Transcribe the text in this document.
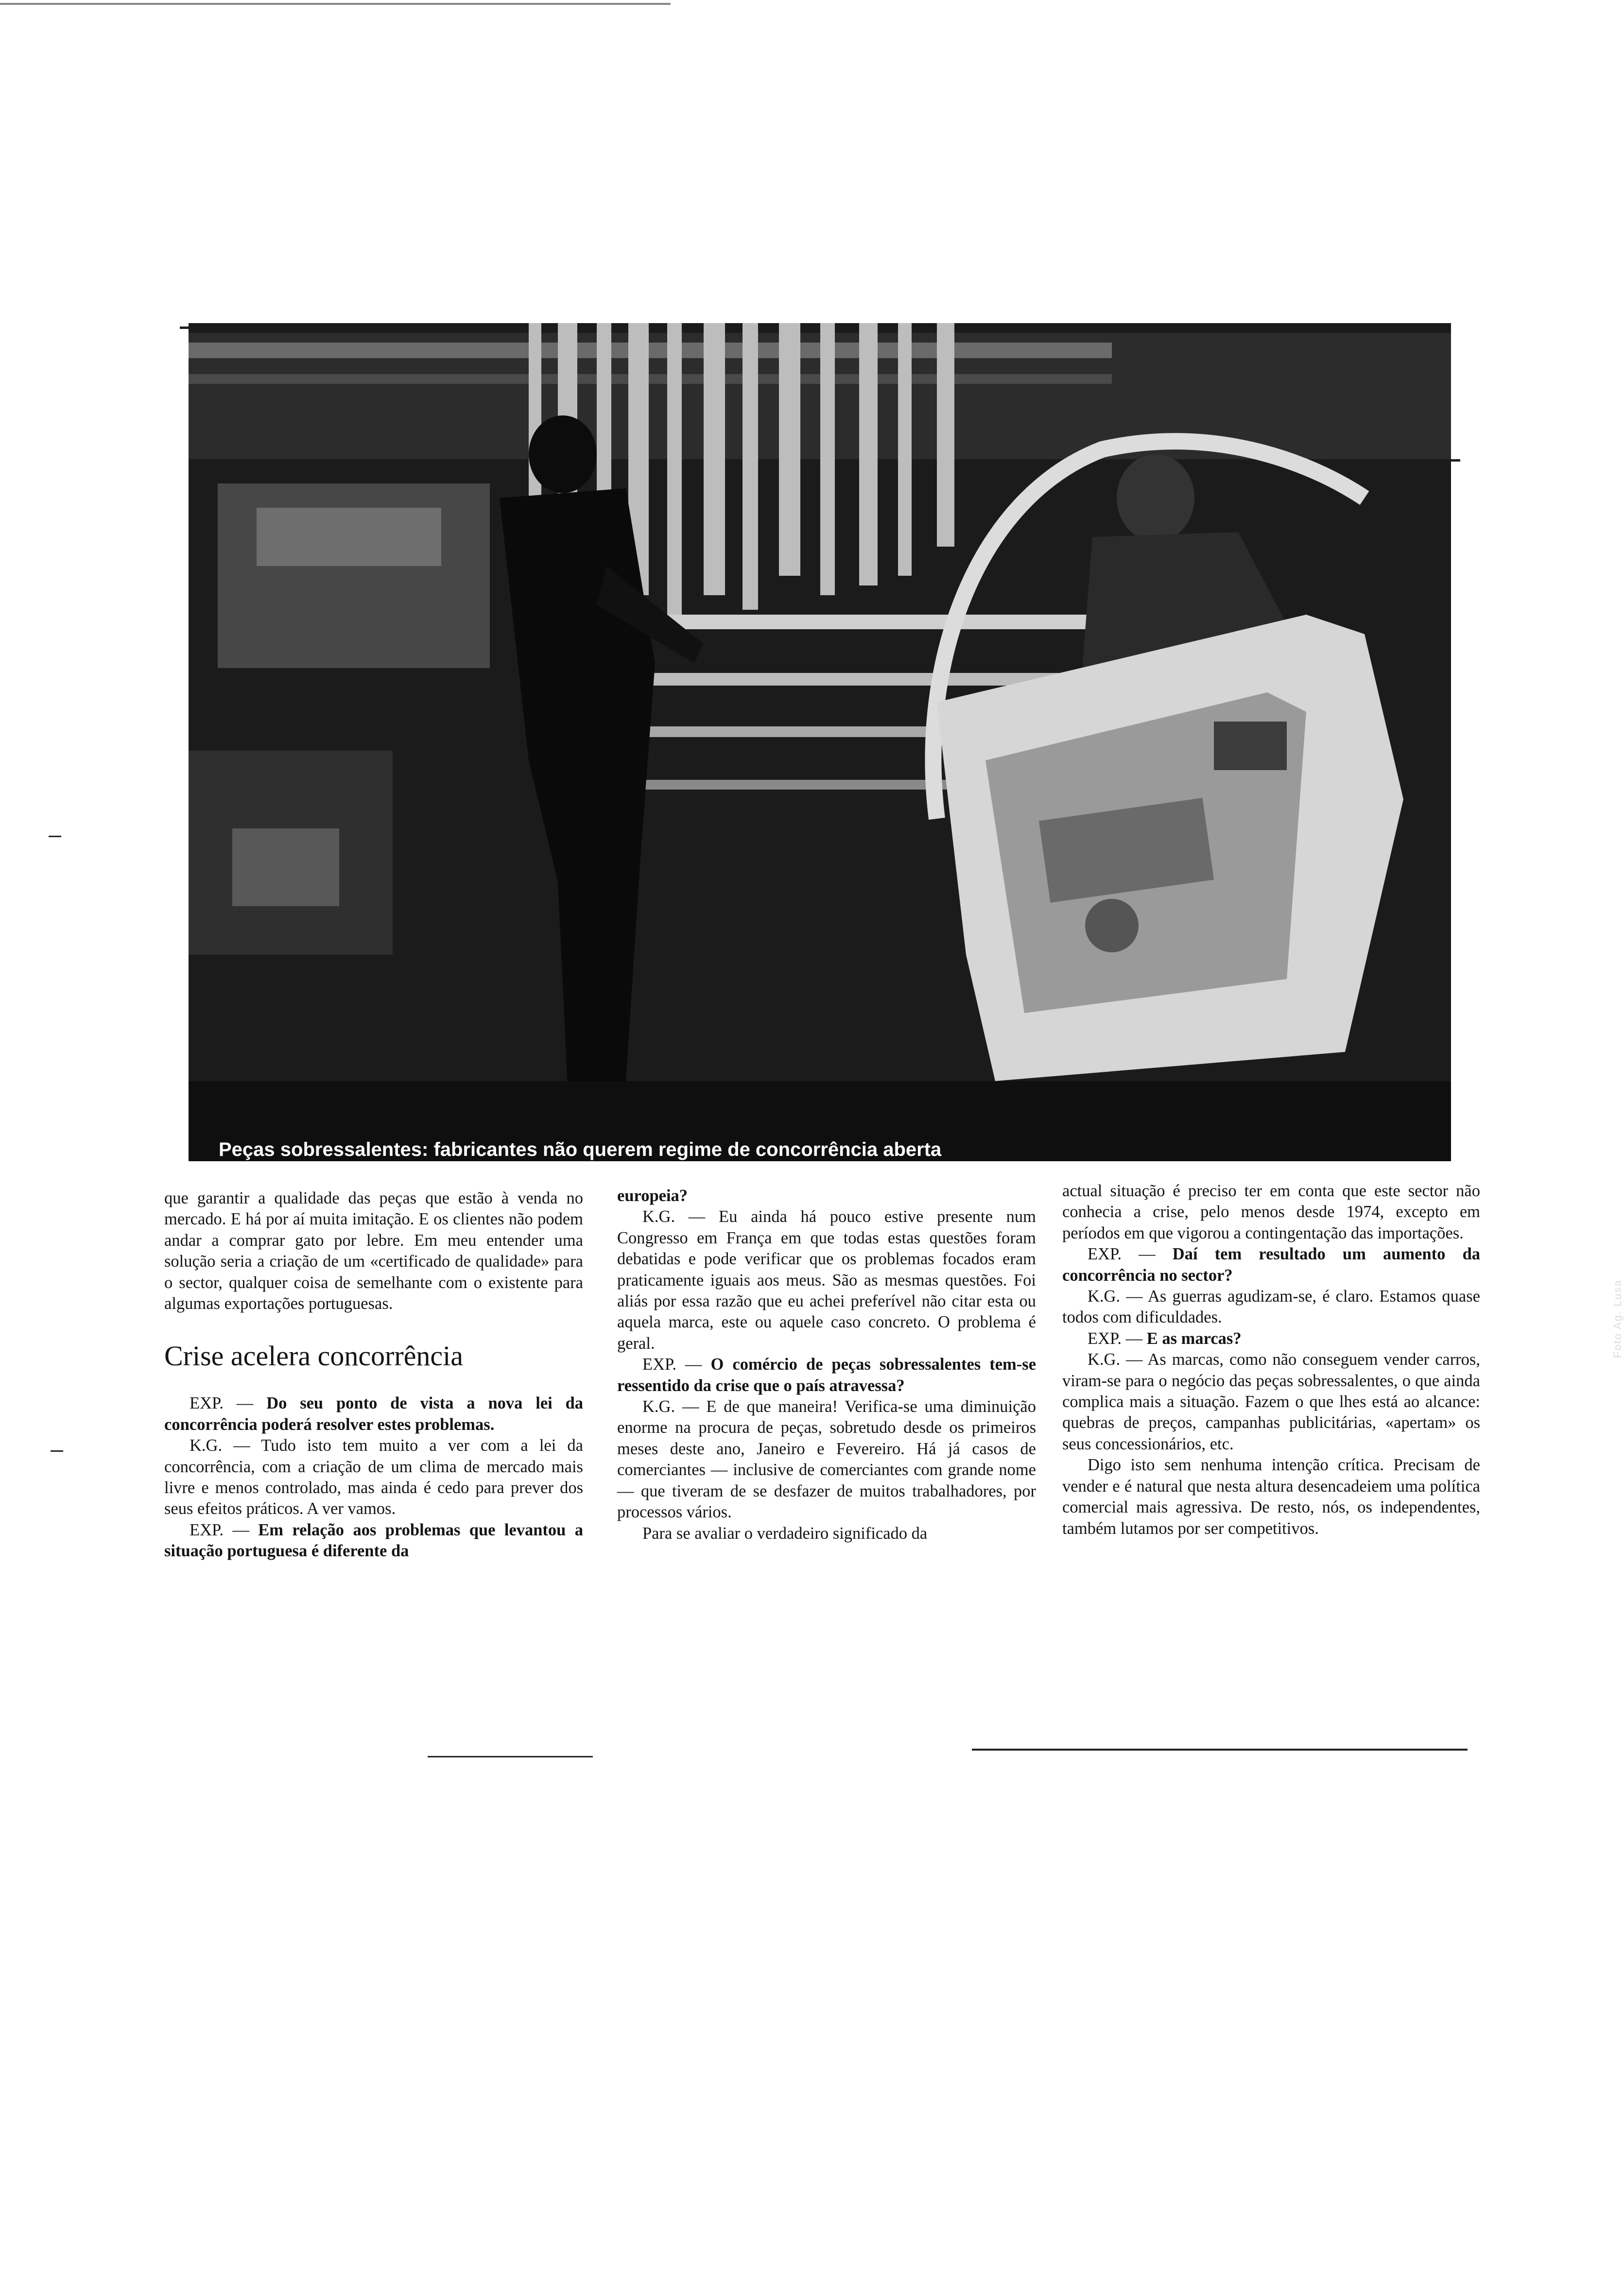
Foto Ag. Lusa
Peças sobressalentes: fabricantes não querem regime de concorrência aberta

que garantir a qualidade das peças que estão à venda no mercado. E há por aí muita imitação. E os clientes não podem andar a comprar gato por lebre. Em meu entender uma solução seria a criação de um «certificado de qualidade» para o sector, qualquer coisa de semelhante com o existente para algumas exportações portuguesas.

Crise acelera concorrência

EXP. — Do seu ponto de vista a nova lei da concorrência poderá resolver estes problemas.

K.G. — Tudo isto tem muito a ver com a lei da concorrência, com a criação de um clima de mercado mais livre e menos controlado, mas ainda é cedo para prever dos seus efeitos práticos. A ver vamos.

EXP. — Em relação aos problemas que levantou a situação portuguesa é diferente da

europeia?

K.G. — Eu ainda há pouco estive presente num Congresso em França em que todas estas questões foram debatidas e pode verificar que os problemas focados eram praticamente iguais aos meus. São as mesmas questões. Foi aliás por essa razão que eu achei preferível não citar esta ou aquela marca, este ou aquele caso concreto. O problema é geral.

EXP. — O comércio de peças sobressalentes tem-se ressentido da crise que o país atravessa?

K.G. — E de que maneira! Verifica-se uma diminuição enorme na procura de peças, sobretudo desde os primeiros meses deste ano, Janeiro e Fevereiro. Há já casos de comerciantes — inclusive de comerciantes com grande nome — que tiveram de se desfazer de muitos trabalhadores, por processos vários.

Para se avaliar o verdadeiro significado da

actual situação é preciso ter em conta que este sector não conhecia a crise, pelo menos desde 1974, excepto em períodos em que vigorou a contingentação das importações.

EXP. — Daí tem resultado um aumento da concorrência no sector?

K.G. — As guerras agudizam-se, é claro. Estamos quase todos com dificuldades.

EXP. — E as marcas?

K.G. — As marcas, como não conseguem vender carros, viram-se para o negócio das peças sobressalentes, o que ainda complica mais a situação. Fazem o que lhes está ao alcance: quebras de preços, campanhas publicitárias, «apertam» os seus concessionários, etc.

Digo isto sem nenhuma intenção crítica. Precisam de vender e é natural que nesta altura desencadeiem uma política comercial mais agressiva. De resto, nós, os independentes, também lutamos por ser competitivos.
